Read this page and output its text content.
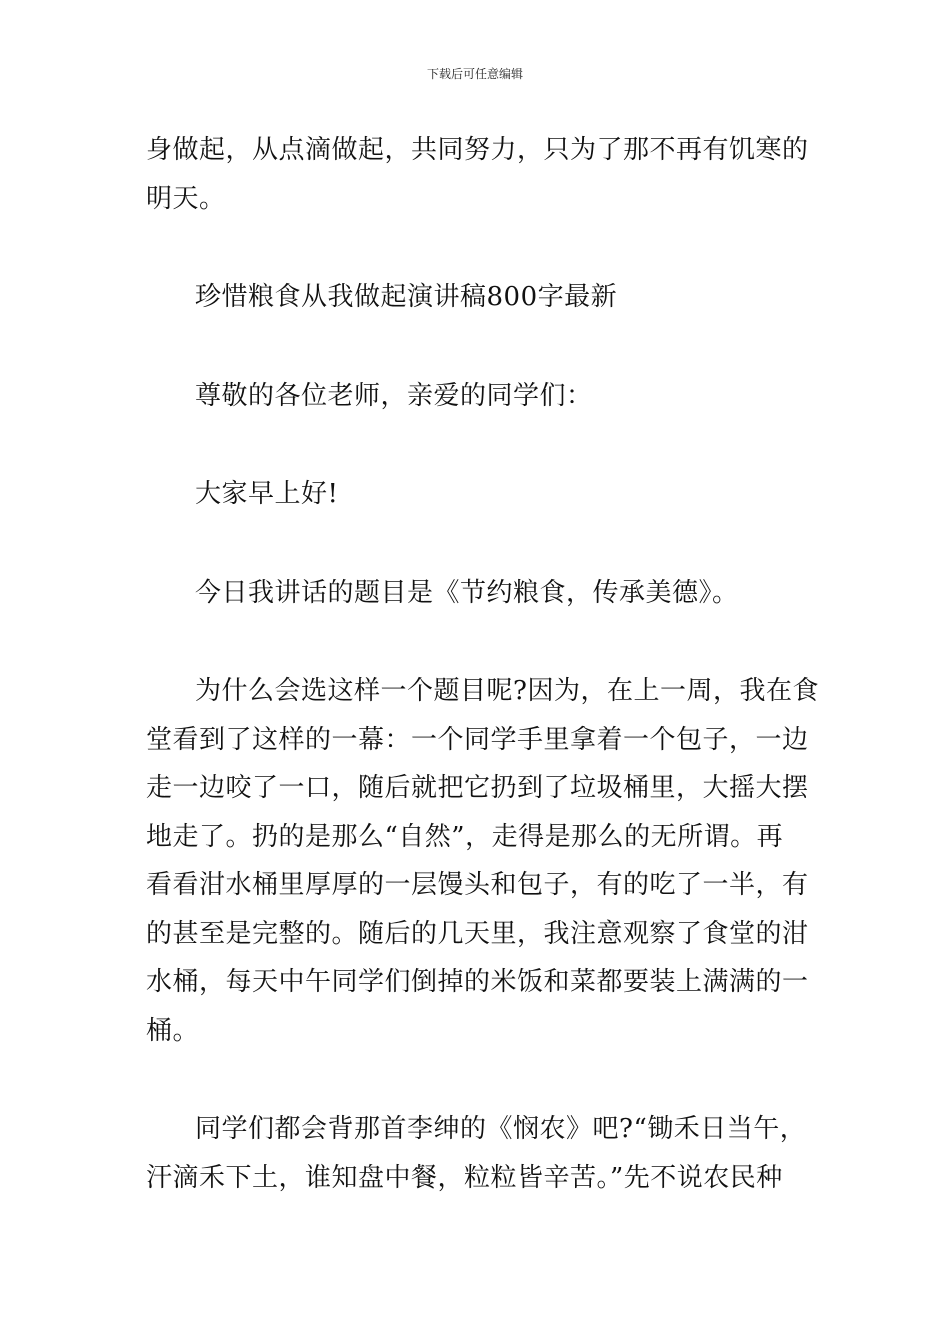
下载后可任意编辑

身做起，从点滴做起，共同努力，只为了那不再有饥寒的
明天。

珍惜粮食从我做起演讲稿800字最新

尊敬的各位老师，亲爱的同学们：

大家早上好!

今日我讲话的题目是《节约粮食，传承美德》。

为什么会选这样一个题目呢?因为，在上一周，我在食
堂看到了这样的一幕：一个同学手里拿着一个包子，一边
走一边咬了一口，随后就把它扔到了垃圾桶里，大摇大摆
地走了。扔的是那么“自然”，走得是那么的无所谓。再
看看泔水桶里厚厚的一层馒头和包子，有的吃了一半，有
的甚至是完整的。随后的几天里，我注意观察了食堂的泔
水桶，每天中午同学们倒掉的米饭和菜都要装上满满的一
桶。

同学们都会背那首李绅的《悯农》吧?“锄禾日当午，
汗滴禾下土，谁知盘中餐，粒粒皆辛苦。”先不说农民种
